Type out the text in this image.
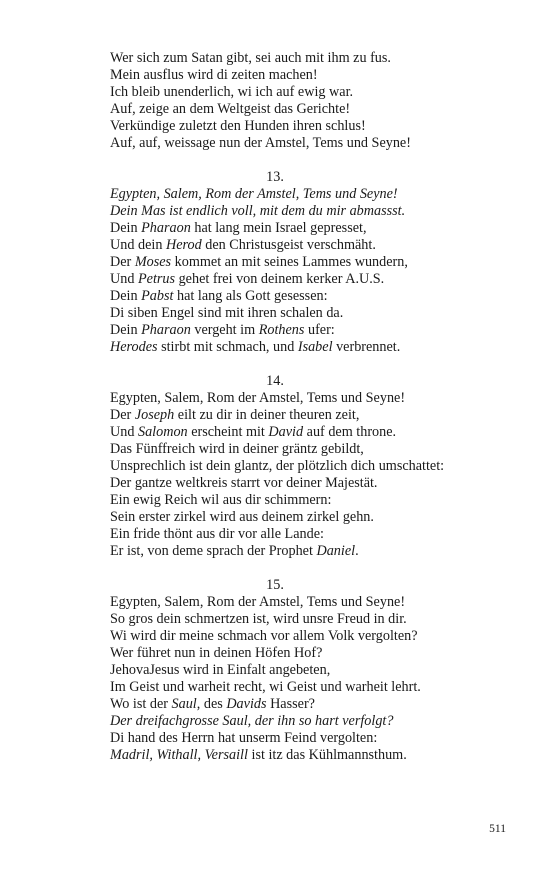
Wer sich zum Satan gibt, sei auch mit ihm zu fus.
Mein ausflus wird di zeiten machen!
Ich bleib unenderlich, wi ich auf ewig war.
Auf, zeige an dem Weltgeist das Gerichte!
Verkündige zuletzt den Hunden ihren schlus!
Auf, auf, weissage nun der Amstel, Tems und Seyne!
13.
Egypten, Salem, Rom der Amstel, Tems und Seyne!
Dein Mas ist endlich voll, mit dem du mir abmassst.
Dein Pharaon hat lang mein Israel gepresset,
Und dein Herod den Christusgeist verschmäht.
Der Moses kommet an mit seines Lammes wundern,
Und Petrus gehet frei von deinem kerker A.U.S.
Dein Pabst hat lang als Gott gesessen:
Di siben Engel sind mit ihren schalen da.
Dein Pharaon vergeht im Rothens ufer:
Herodes stirbt mit schmach, und Isabel verbrennet.
14.
Egypten, Salem, Rom der Amstel, Tems und Seyne!
Der Joseph eilt zu dir in deiner theuren zeit,
Und Salomon erscheint mit David auf dem throne.
Das Fünffreich wird in deiner gräntz gebildt,
Unsprechlich ist dein glantz, der plötzlich dich umschattet:
Der gantze weltkreis starrt vor deiner Majestät.
Ein ewig Reich wil aus dir schimmern:
Sein erster zirkel wird aus deinem zirkel gehn.
Ein fride thönt aus dir vor alle Lande:
Er ist, von deme sprach der Prophet Daniel.
15.
Egypten, Salem, Rom der Amstel, Tems und Seyne!
So gros dein schmertzen ist, wird unsre Freud in dir.
Wi wird dir meine schmach vor allem Volk vergolten?
Wer führet nun in deinen Höfen Hof?
JehovaJesus wird in Einfalt angebeten,
Im Geist und warheit recht, wi Geist und warheit lehrt.
Wo ist der Saul, des Davids Hasser?
Der dreifachgrosse Saul, der ihn so hart verfolgt?
Di hand des Herrn hat unserm Feind vergolten:
Madril, Withall, Versaill ist itz das Kühlmannsthum.
511
